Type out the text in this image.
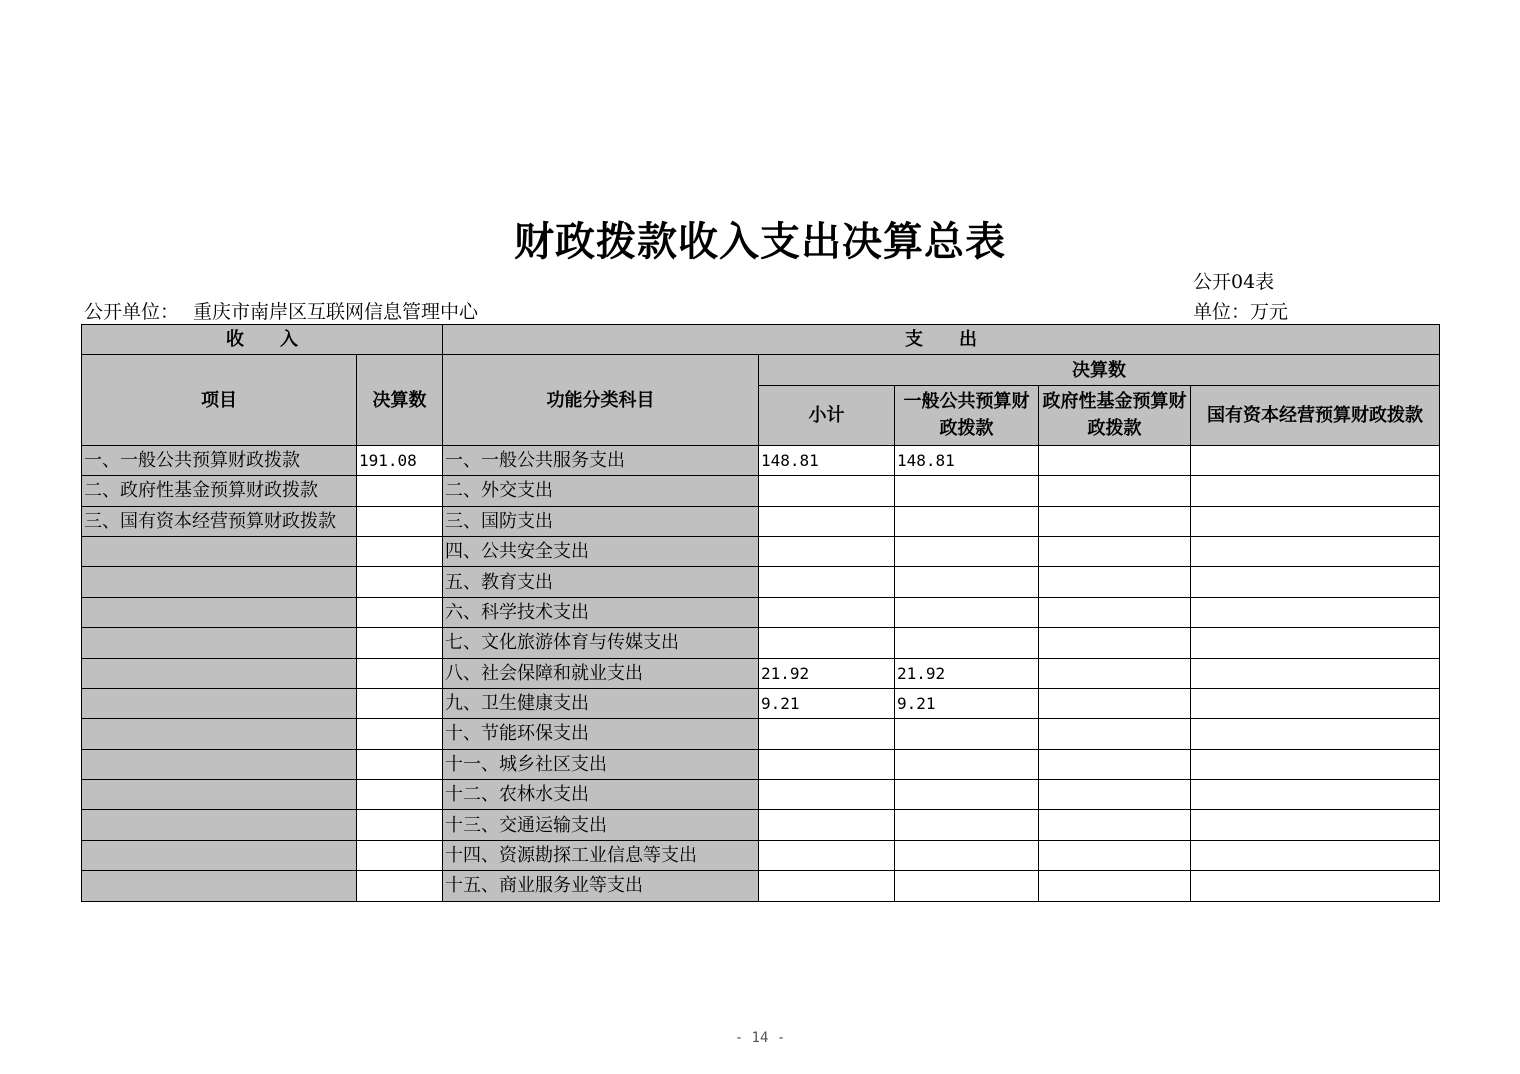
财政拨款收入支出决算总表
公开04表
公开单位： 重庆市南岸区互联网信息管理中心	单位：万元
收　　入		支　　出				
项目	决算数	功能分类科目	决算数			
			小计	一般公共预算财政拨款	政府性基金预算财政拨款	国有资本经营预算财政拨款
一、一般公共预算财政拨款	191.08	一、一般公共服务支出	148.81	148.81		
二、政府性基金预算财政拨款		二、外交支出				
三、国有资本经营预算财政拨款		三、国防支出				
		四、公共安全支出				
		五、教育支出				
		六、科学技术支出				
		七、文化旅游体育与传媒支出				
		八、社会保障和就业支出	21.92	21.92		
		九、卫生健康支出	9.21	9.21		
		十、节能环保支出				
		十一、城乡社区支出				
		十二、农林水支出				
		十三、交通运输支出				
		十四、资源勘探工业信息等支出				
		十五、商业服务业等支出				
- 14 -
